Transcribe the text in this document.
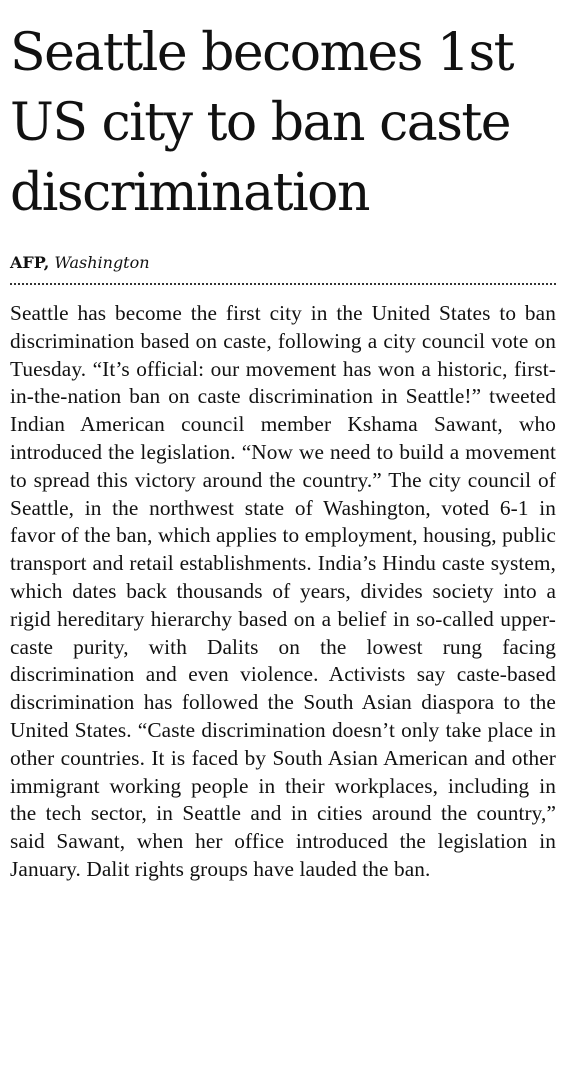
Seattle becomes 1st US city to ban caste discrimination
AFP, Washington
Seattle has become the first city in the United States to ban discrimination based on caste, following a city council vote on Tuesday. “It’s official: our movement has won a historic, first-in-the-nation ban on caste discrimination in Seattle!” tweeted Indian American council member Kshama Sawant, who introduced the legislation. “Now we need to build a movement to spread this victory around the country.” The city council of Seattle, in the northwest state of Washington, voted 6-1 in favor of the ban, which applies to employment, housing, public transport and retail establishments. India’s Hindu caste system, which dates back thousands of years, divides society into a rigid hereditary hierarchy based on a belief in so-called upper-caste purity, with Dalits on the lowest rung facing discrimination and even violence. Activists say caste-based discrimination has followed the South Asian diaspora to the United States. “Caste discrimination doesn’t only take place in other countries. It is faced by South Asian American and other immigrant working people in their workplaces, including in the tech sector, in Seattle and in cities around the country,” said Sawant, when her office introduced the legislation in January. Dalit rights groups have lauded the ban.
